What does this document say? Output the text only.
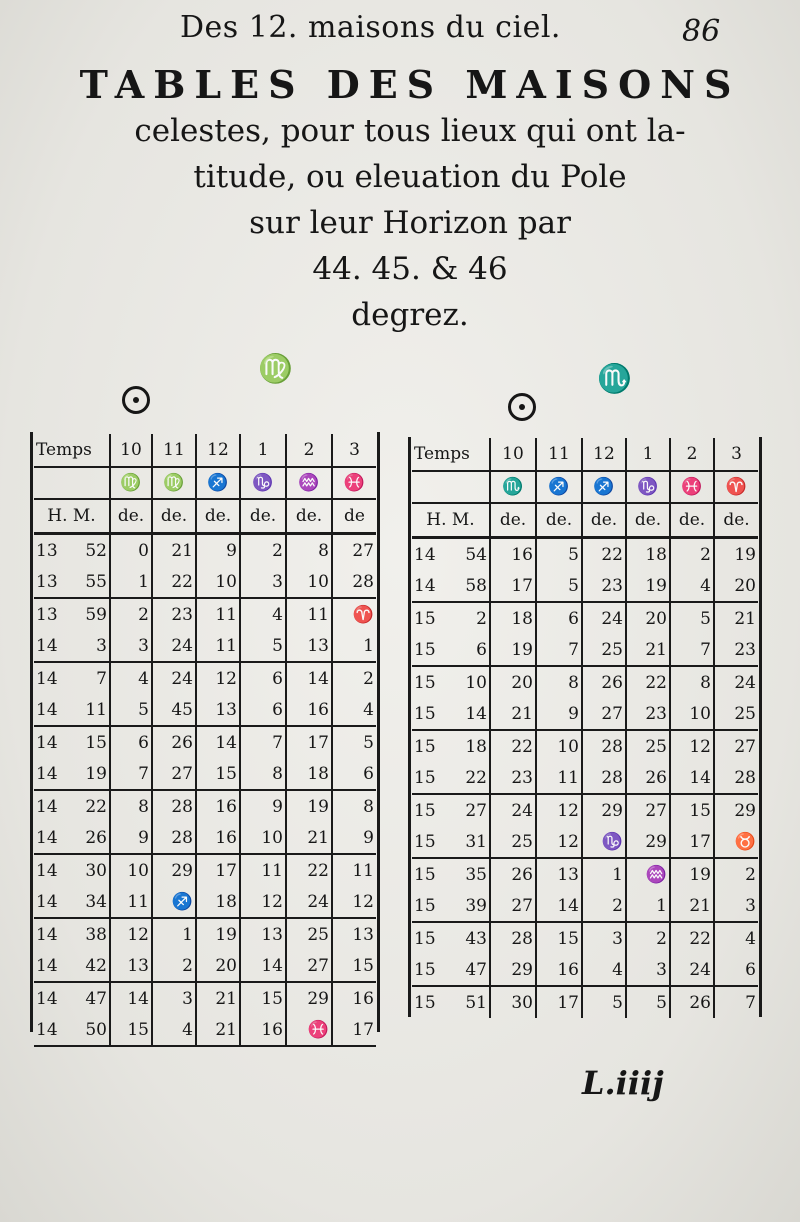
Des 12. maisons du ciel.	86
TABLES DES MAISONS
celestes, pour tous lieux qui ont la-
titude, ou eleuation du Pole
sur leur Horizon par
44. 45. & 46
degrez.
♍	♏
Temps	10	11	12	1	2	3
	♍	♍	♐	♑	♒	♓
H. M.	de.	de.	de.	de.	de.	de
13 52	0	21	9	2	8	27
13 55	1	22	10	3	10	28
13 59	2	23	11	4	11	♈
14 3	3	24	11	5	13	1
14 7	4	24	12	6	14	2
14 11	5	45	13	6	16	4
14 15	6	26	14	7	17	5
14 19	7	27	15	8	18	6
14 22	8	28	16	9	19	8
14 26	9	28	16	10	21	9
14 30	10	29	17	11	22	11
14 34	11	♐	18	12	24	12
14 38	12	1	19	13	25	13
14 42	13	2	20	14	27	15
14 47	14	3	21	15	29	16
14 50	15	4	21	16	♓	17
Temps	10	11	12	1	2	3
	♏	♐	♐	♑	♓	♈
H. M.	de.	de.	de.	de.	de.	de.
14 54	16	5	22	18	2	19
14 58	17	5	23	19	4	20
15 2	18	6	24	20	5	21
15 6	19	7	25	21	7	23
15 10	20	8	26	22	8	24
15 14	21	9	27	23	10	25
15 18	22	10	28	25	12	27
15 22	23	11	28	26	14	28
15 27	24	12	29	27	15	29
15 31	25	12	♑	29	17	♉
15 35	26	13	1	♒	19	2
15 39	27	14	2	1	21	3
15 43	28	15	3	2	22	4
15 47	29	16	4	3	24	6
15 51	30	17	5	5	26	7
L.iiij
